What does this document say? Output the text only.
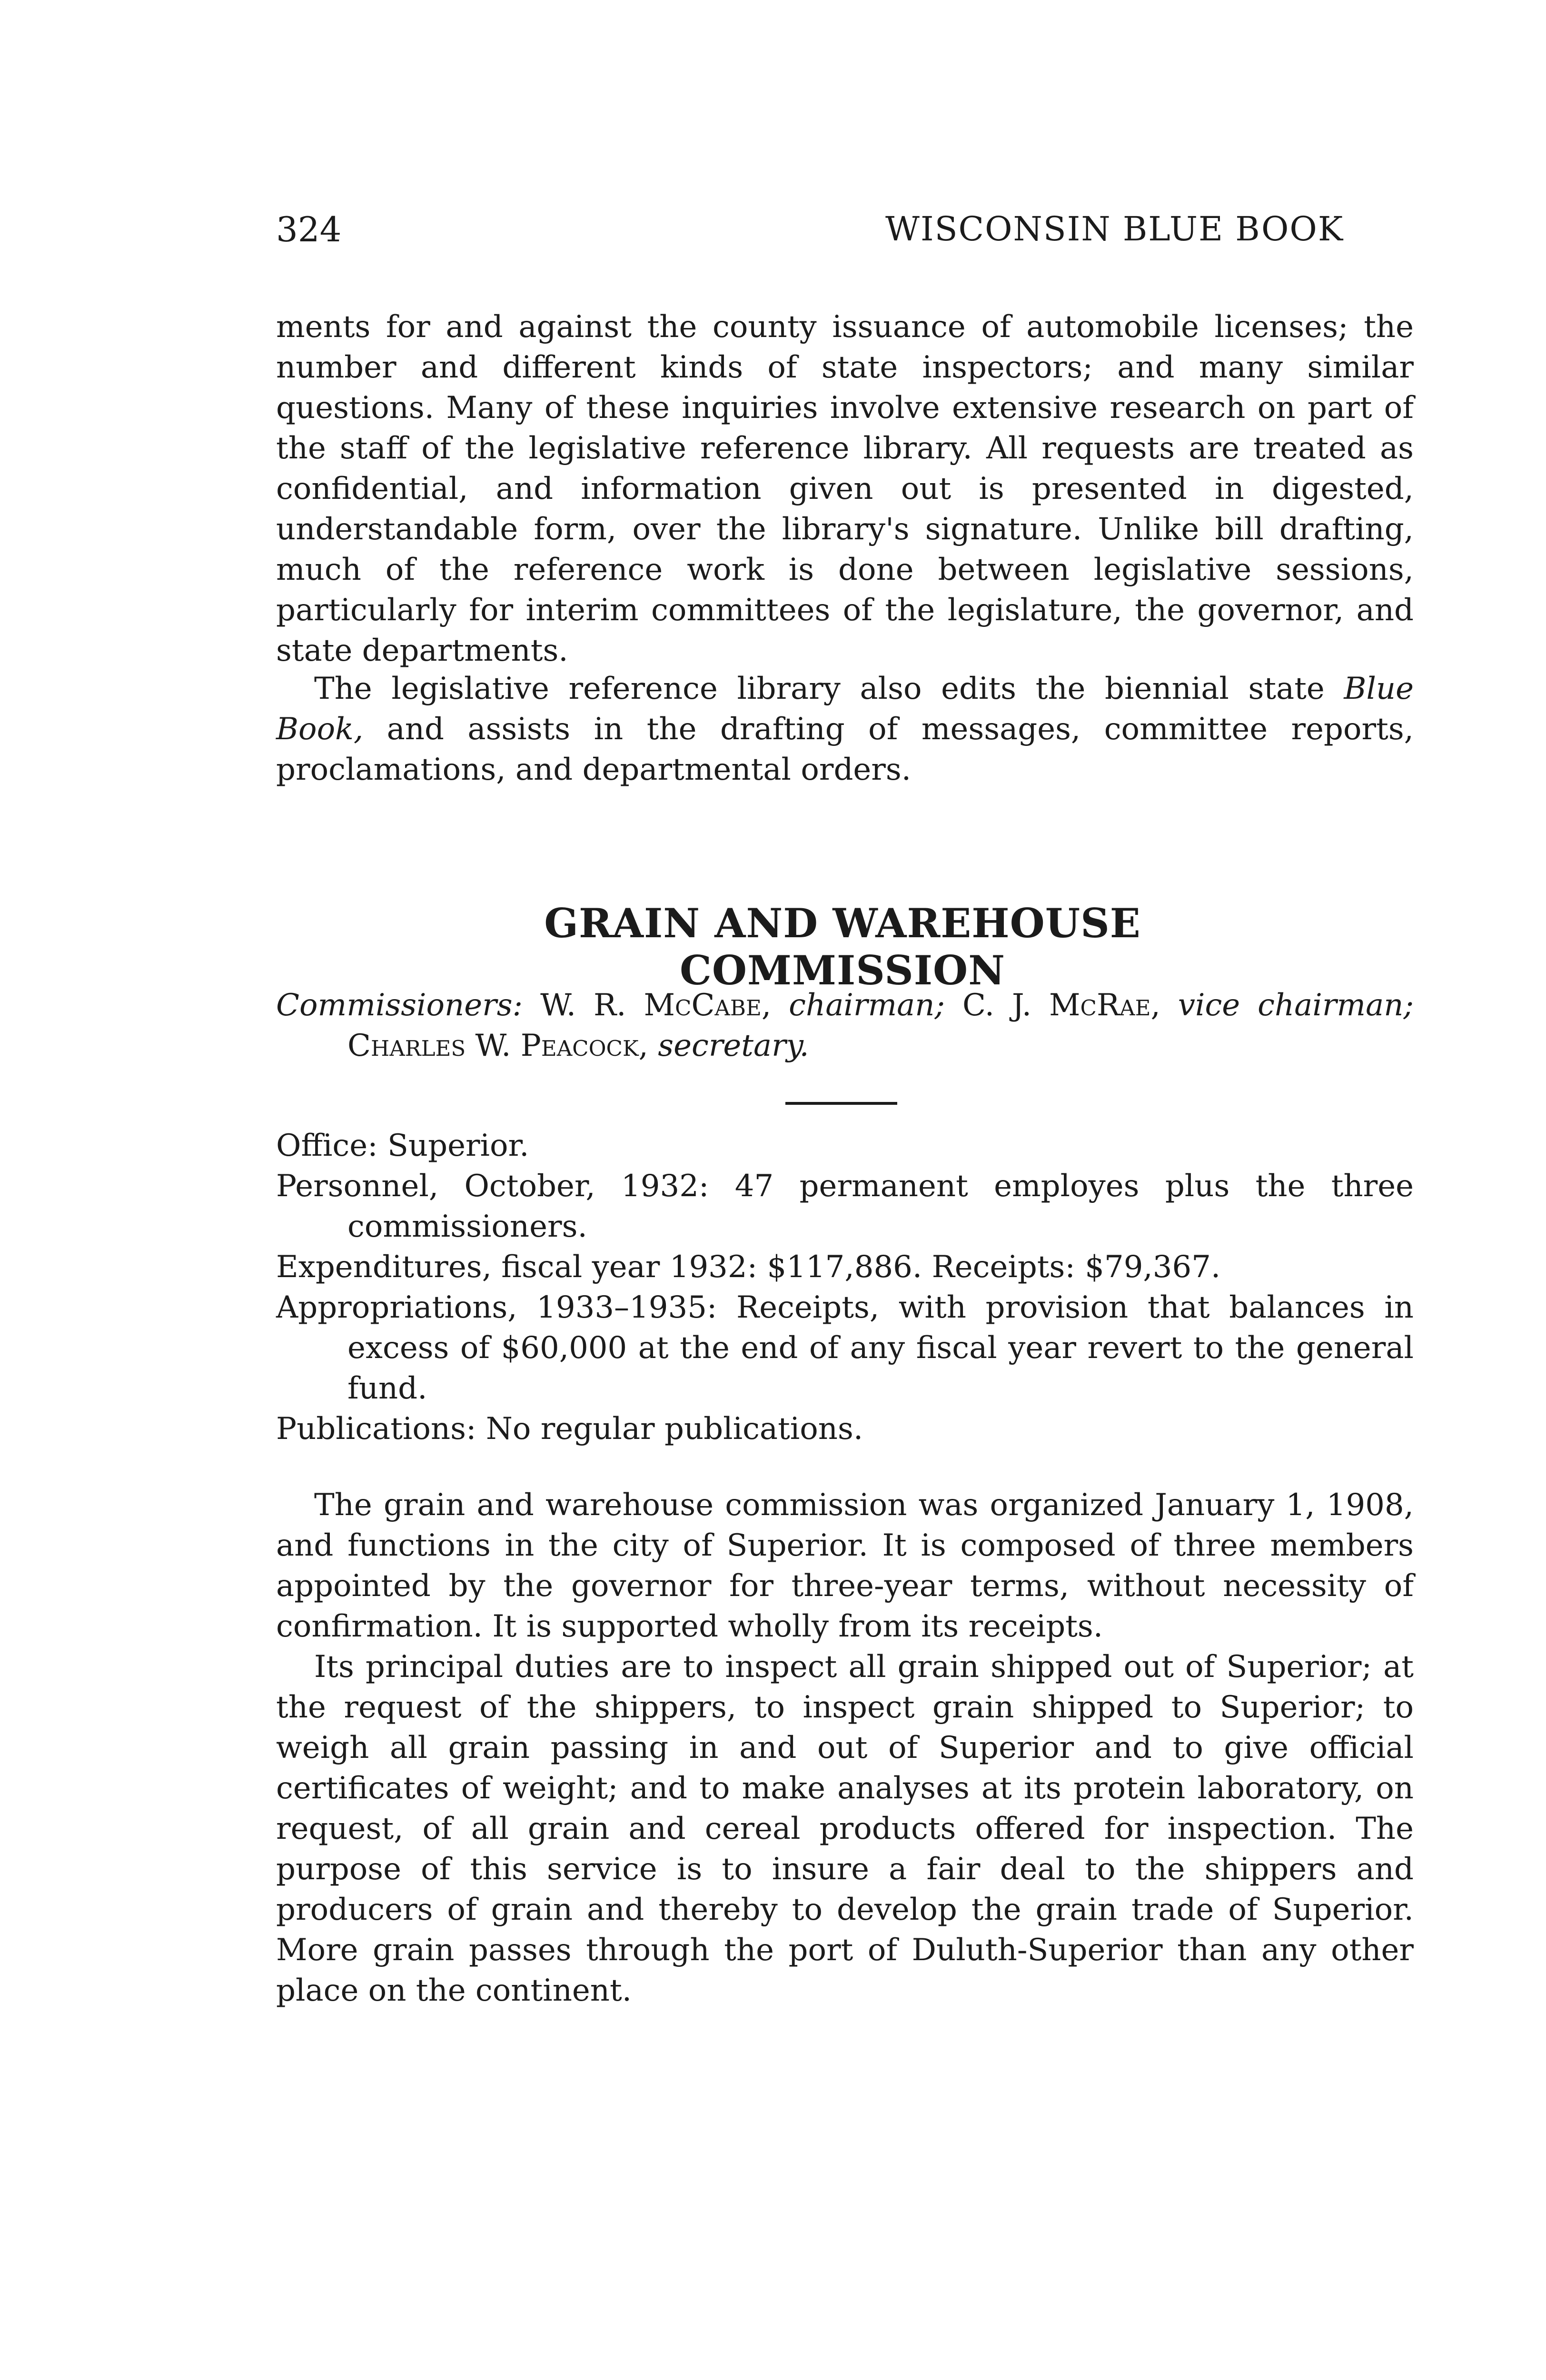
324	WISCONSIN BLUE BOOK

ments for and against the county issuance of automobile licenses; the number and different kinds of state inspectors; and many similar questions. Many of these inquiries involve extensive research on part of the staff of the legislative reference library. All requests are treated as confidential, and information given out is presented in digested, understandable form, over the library's signature. Unlike bill drafting, much of the reference work is done between legislative sessions, particularly for interim committees of the legislature, the governor, and state departments.

The legislative reference library also edits the biennial state Blue Book, and assists in the drafting of messages, committee reports, proclamations, and departmental orders.

GRAIN AND WAREHOUSE COMMISSION
Commissioners: W. R. McCabe, chairman; C. J. McRae, vice chairman; Charles W. Peacock, secretary.
Office: Superior.
Personnel, October, 1932: 47 permanent employes plus the three commissioners.
Expenditures, fiscal year 1932: $117,886. Receipts: $79,367.
Appropriations, 1933–1935: Receipts, with provision that balances in excess of $60,000 at the end of any fiscal year revert to the general fund.
Publications: No regular publications.

The grain and warehouse commission was organized January 1, 1908, and functions in the city of Superior. It is composed of three members appointed by the governor for three-year terms, without necessity of confirmation. It is supported wholly from its receipts.

Its principal duties are to inspect all grain shipped out of Superior; at the request of the shippers, to inspect grain shipped to Superior; to weigh all grain passing in and out of Superior and to give official certificates of weight; and to make analyses at its protein laboratory, on request, of all grain and cereal products offered for inspection. The purpose of this service is to insure a fair deal to the shippers and producers of grain and thereby to develop the grain trade of Superior. More grain passes through the port of Duluth-Superior than any other place on the continent.
